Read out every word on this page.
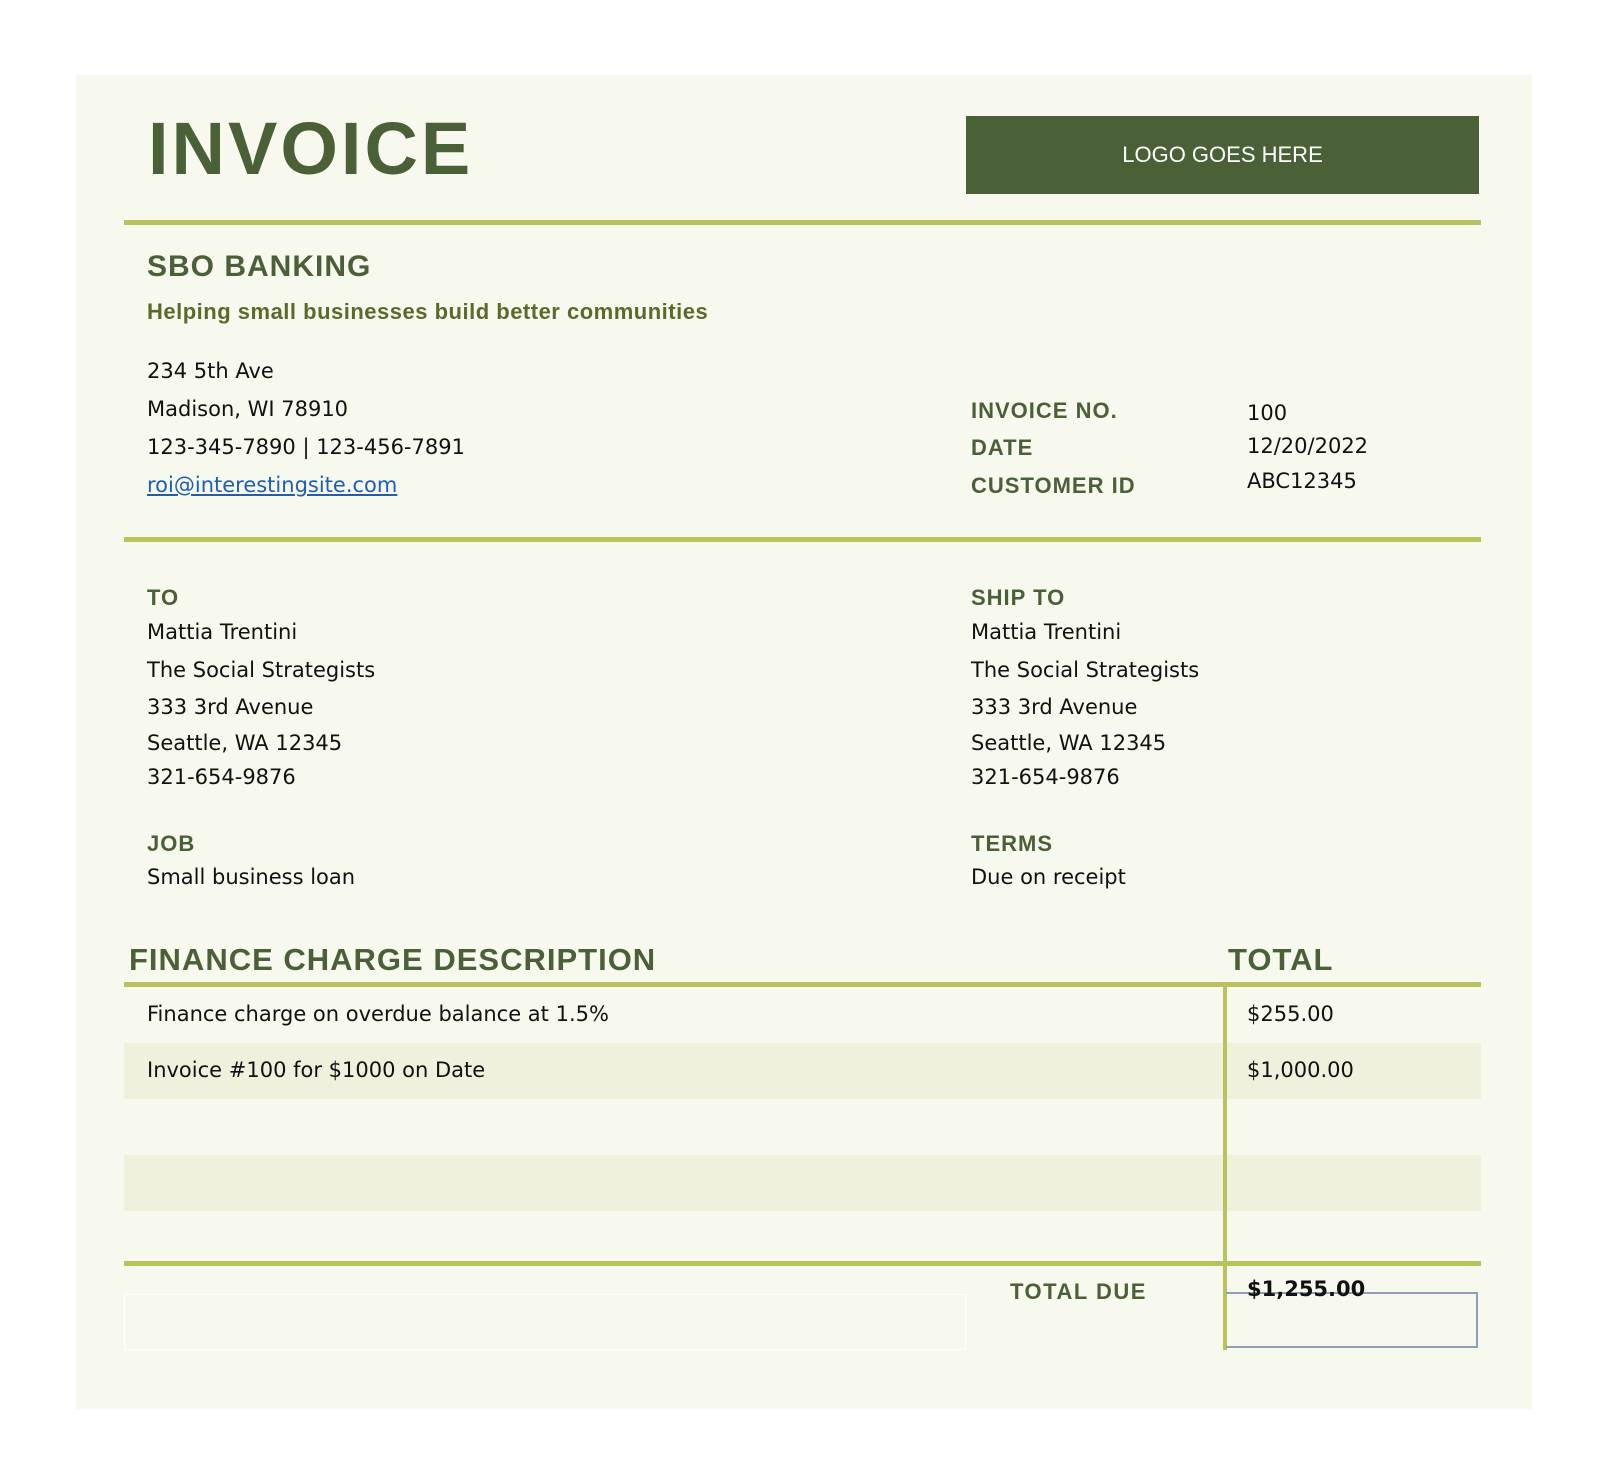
INVOICE	LOGO GOES HERE
SBO BANKING
Helping small businesses build better communities
234 5th Ave
Madison, WI 78910
123-345-7890 | 123-456-7891
roi@interestingsite.com
INVOICE NO.	100
DATE	12/20/2022
CUSTOMER ID	ABC12345
TO
Mattia Trentini
The Social Strategists
333 3rd Avenue
Seattle, WA 12345
321-654-9876
SHIP TO
Mattia Trentini
The Social Strategists
333 3rd Avenue
Seattle, WA 12345
321-654-9876
JOB
Small business loan
TERMS
Due on receipt
FINANCE CHARGE DESCRIPTION	TOTAL
Finance charge on overdue balance at 1.5%	$255.00
Invoice #100 for $1000 on Date	$1,000.00
TOTAL DUE	$1,255.00
